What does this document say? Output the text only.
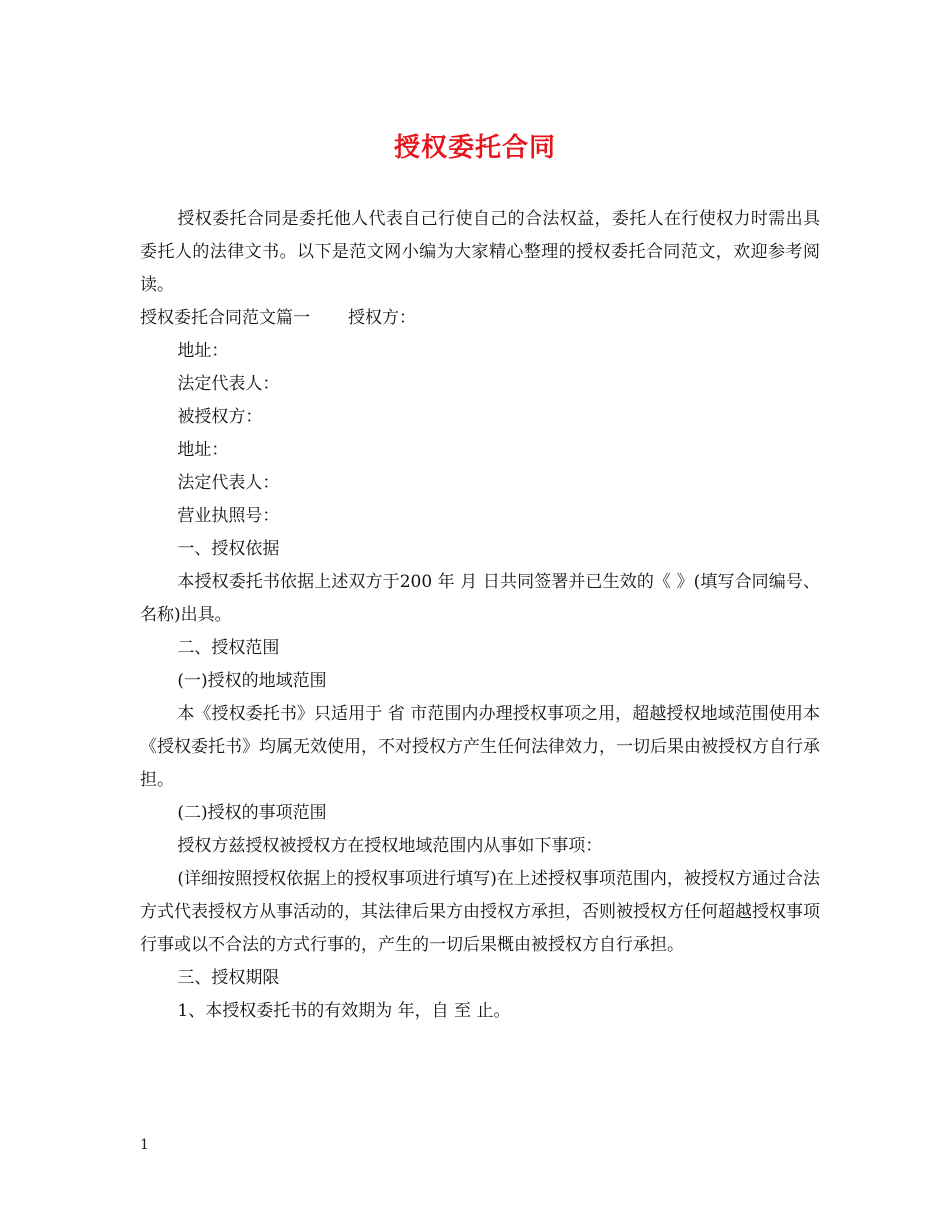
授权委托合同

授权委托合同是委托他人代表自己行使自己的合法权益，委托人在行使权力时需出具委托人的法律文书。以下是范文网小编为大家精心整理的授权委托合同范文，欢迎参考阅读。

授权委托合同范文篇一 授权方：

地址：

法定代表人：

被授权方：

地址：

法定代表人：

营业执照号：

一、授权依据

本授权委托书依据上述双方于200 年 月 日共同签署并已生效的《 》(填写合同编号、名称)出具。

二、授权范围

(一)授权的地域范围

本《授权委托书》只适用于 省 市范围内办理授权事项之用，超越授权地域范围使用本《授权委托书》均属无效使用，不对授权方产生任何法律效力，一切后果由被授权方自行承担。

(二)授权的事项范围

授权方兹授权被授权方在授权地域范围内从事如下事项：

(详细按照授权依据上的授权事项进行填写)在上述授权事项范围内，被授权方通过合法方式代表授权方从事活动的，其法律后果方由授权方承担，否则被授权方任何超越授权事项行事或以不合法的方式行事的，产生的一切后果概由被授权方自行承担。

三、授权期限

1、本授权委托书的有效期为 年，自 至 止。

1
